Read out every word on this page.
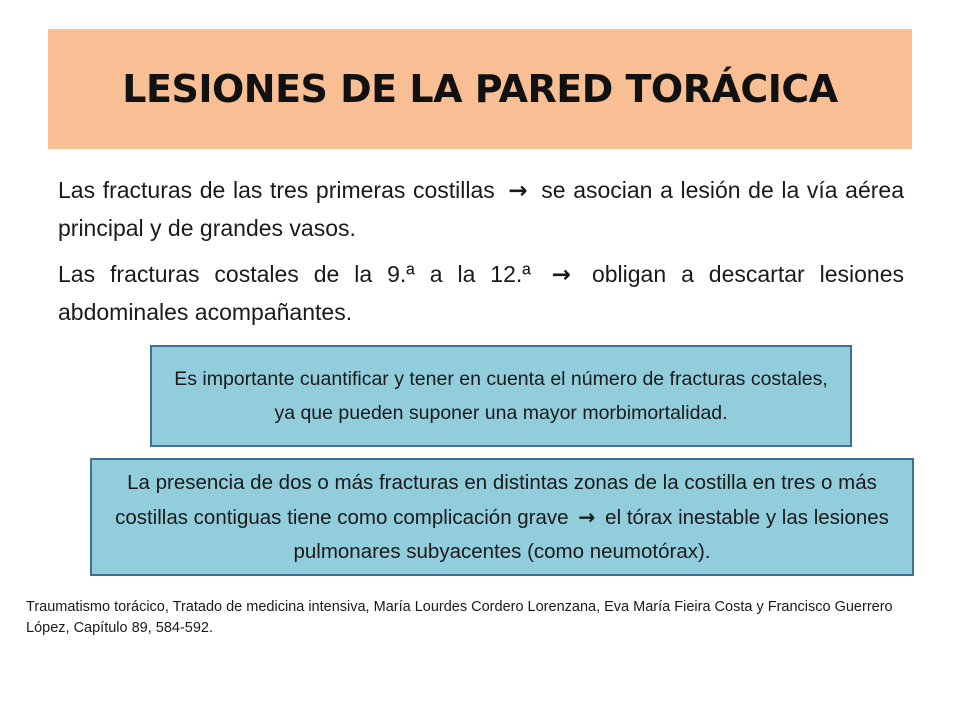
LESIONES DE LA PARED TORÁCICA

Las fracturas de las tres primeras costillas → se asocian a lesión de la vía aérea principal y de grandes vasos.

Las fracturas costales de la 9.ª a la 12.ª → obligan a descartar lesiones abdominales acompañantes.

Es importante cuantificar y tener en cuenta el número de fracturas costales, ya que pueden suponer una mayor morbimortalidad.
La presencia de dos o más fracturas en distintas zonas de la costilla en tres o más costillas contiguas tiene como complicación grave → el tórax inestable y las lesiones pulmonares subyacentes (como neumotórax).
Traumatismo torácico, Tratado de medicina intensiva, María Lourdes Cordero Lorenzana, Eva María Fieira Costa y Francisco Guerrero López, Capítulo 89, 584-592.
